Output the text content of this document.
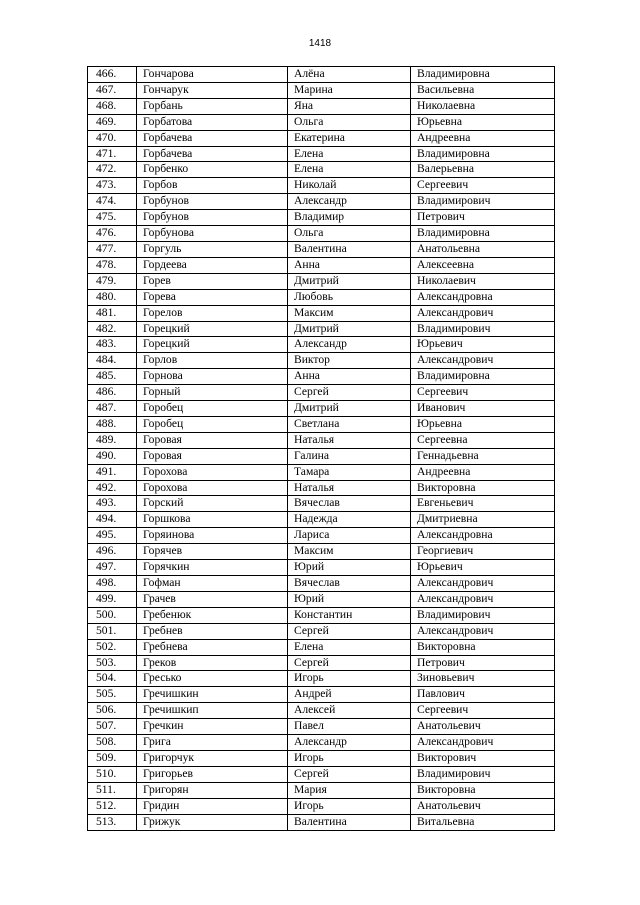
1418
466.	Гончарова	Алёна	Владимировна
467.	Гончарук	Марина	Васильевна
468.	Горбань	Яна	Николаевна
469.	Горбатова	Ольга	Юрьевна
470.	Горбачева	Екатерина	Андреевна
471.	Горбачева	Елена	Владимировна
472.	Горбенко	Елена	Валерьевна
473.	Горбов	Николай	Сергеевич
474.	Горбунов	Александр	Владимирович
475.	Горбунов	Владимир	Петрович
476.	Горбунова	Ольга	Владимировна
477.	Горгуль	Валентина	Анатольевна
478.	Гордеева	Анна	Алексеевна
479.	Горев	Дмитрий	Николаевич
480.	Горева	Любовь	Александровна
481.	Горелов	Максим	Александрович
482.	Горецкий	Дмитрий	Владимирович
483.	Горецкий	Александр	Юрьевич
484.	Горлов	Виктор	Александрович
485.	Горнова	Анна	Владимировна
486.	Горный	Сергей	Сергеевич
487.	Горобец	Дмитрий	Иванович
488.	Горобец	Светлана	Юрьевна
489.	Горовая	Наталья	Сергеевна
490.	Горовая	Галина	Геннадьевна
491.	Горохова	Тамара	Андреевна
492.	Горохова	Наталья	Викторовна
493.	Горский	Вячеслав	Евгеньевич
494.	Горшкова	Надежда	Дмитриевна
495.	Горяинова	Лариса	Александровна
496.	Горячев	Максим	Георгиевич
497.	Горячкин	Юрий	Юрьевич
498.	Гофман	Вячеслав	Александрович
499.	Грачев	Юрий	Александрович
500.	Гребенюк	Константин	Владимирович
501.	Гребнев	Сергей	Александрович
502.	Гребнева	Елена	Викторовна
503.	Греков	Сергей	Петрович
504.	Гресько	Игорь	Зиновьевич
505.	Гречишкин	Андрей	Павлович
506.	Гречишкип	Алексей	Сергеевич
507.	Гречкин	Павел	Анатольевич
508.	Грига	Александр	Александрович
509.	Григорчук	Игорь	Викторович
510.	Григорьев	Сергей	Владимирович
511.	Григорян	Мария	Викторовна
512.	Гридин	Игорь	Анатольевич
513.	Грижук	Валентина	Витальевна
